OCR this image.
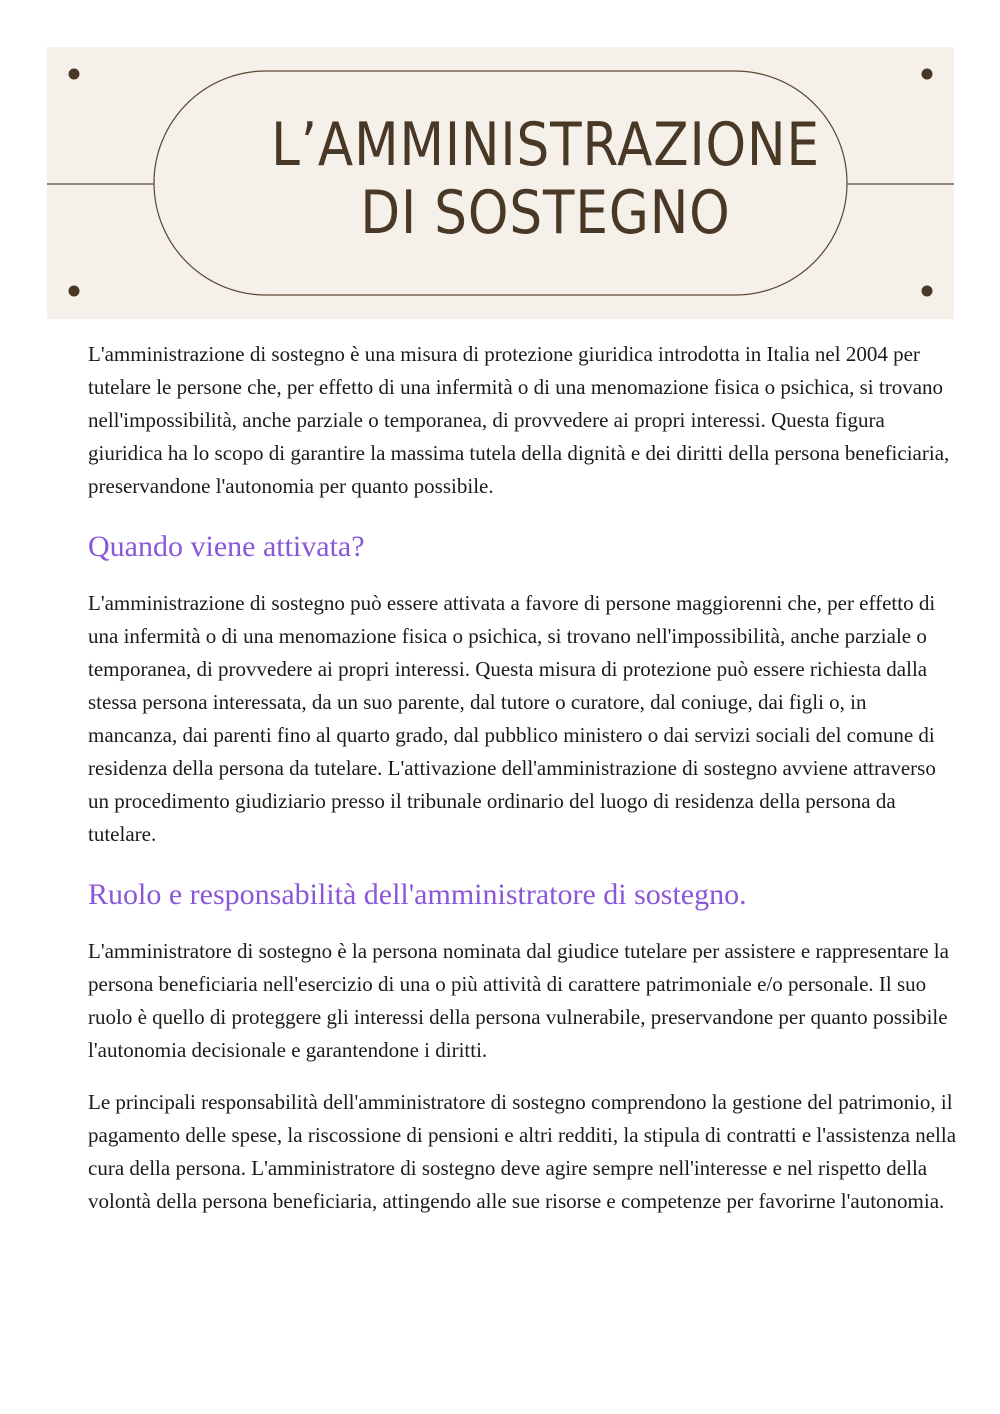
L’AMMINISTRAZIONE
DI SOSTEGNO

L'amministrazione di sostegno è una misura di protezione giuridica introdotta in Italia nel 2004 per tutelare le persone che, per effetto di una infermità o di una menomazione fisica o psichica, si trovano nell'impossibilità, anche parziale o temporanea, di provvedere ai propri interessi. Questa figura giuridica ha lo scopo di garantire la massima tutela della dignità e dei diritti della persona beneficiaria, preservandone l'autonomia per quanto possibile.

Quando viene attivata?

L'amministrazione di sostegno può essere attivata a favore di persone maggiorenni che, per effetto di una infermità o di una menomazione fisica o psichica, si trovano nell'impossibilità, anche parziale o temporanea, di provvedere ai propri interessi. Questa misura di protezione può essere richiesta dalla stessa persona interessata, da un suo parente, dal tutore o curatore, dal coniuge, dai figli o, in mancanza, dai parenti fino al quarto grado, dal pubblico ministero o dai servizi sociali del comune di residenza della persona da tutelare. L'attivazione dell'amministrazione di sostegno avviene attraverso un procedimento giudiziario presso il tribunale ordinario del luogo di residenza della persona da tutelare.

Ruolo e responsabilità dell'amministratore di sostegno.

L'amministratore di sostegno è la persona nominata dal giudice tutelare per assistere e rappresentare la persona beneficiaria nell'esercizio di una o più attività di carattere patrimoniale e/o personale. Il suo ruolo è quello di proteggere gli interessi della persona vulnerabile, preservandone per quanto possibile l'autonomia decisionale e garantendone i diritti.

Le principali responsabilità dell'amministratore di sostegno comprendono la gestione del patrimonio, il pagamento delle spese, la riscossione di pensioni e altri redditi, la stipula di contratti e l'assistenza nella cura della persona. L'amministratore di sostegno deve agire sempre nell'interesse e nel rispetto della volontà della persona beneficiaria, attingendo alle sue risorse e competenze per favorirne l'autonomia.
